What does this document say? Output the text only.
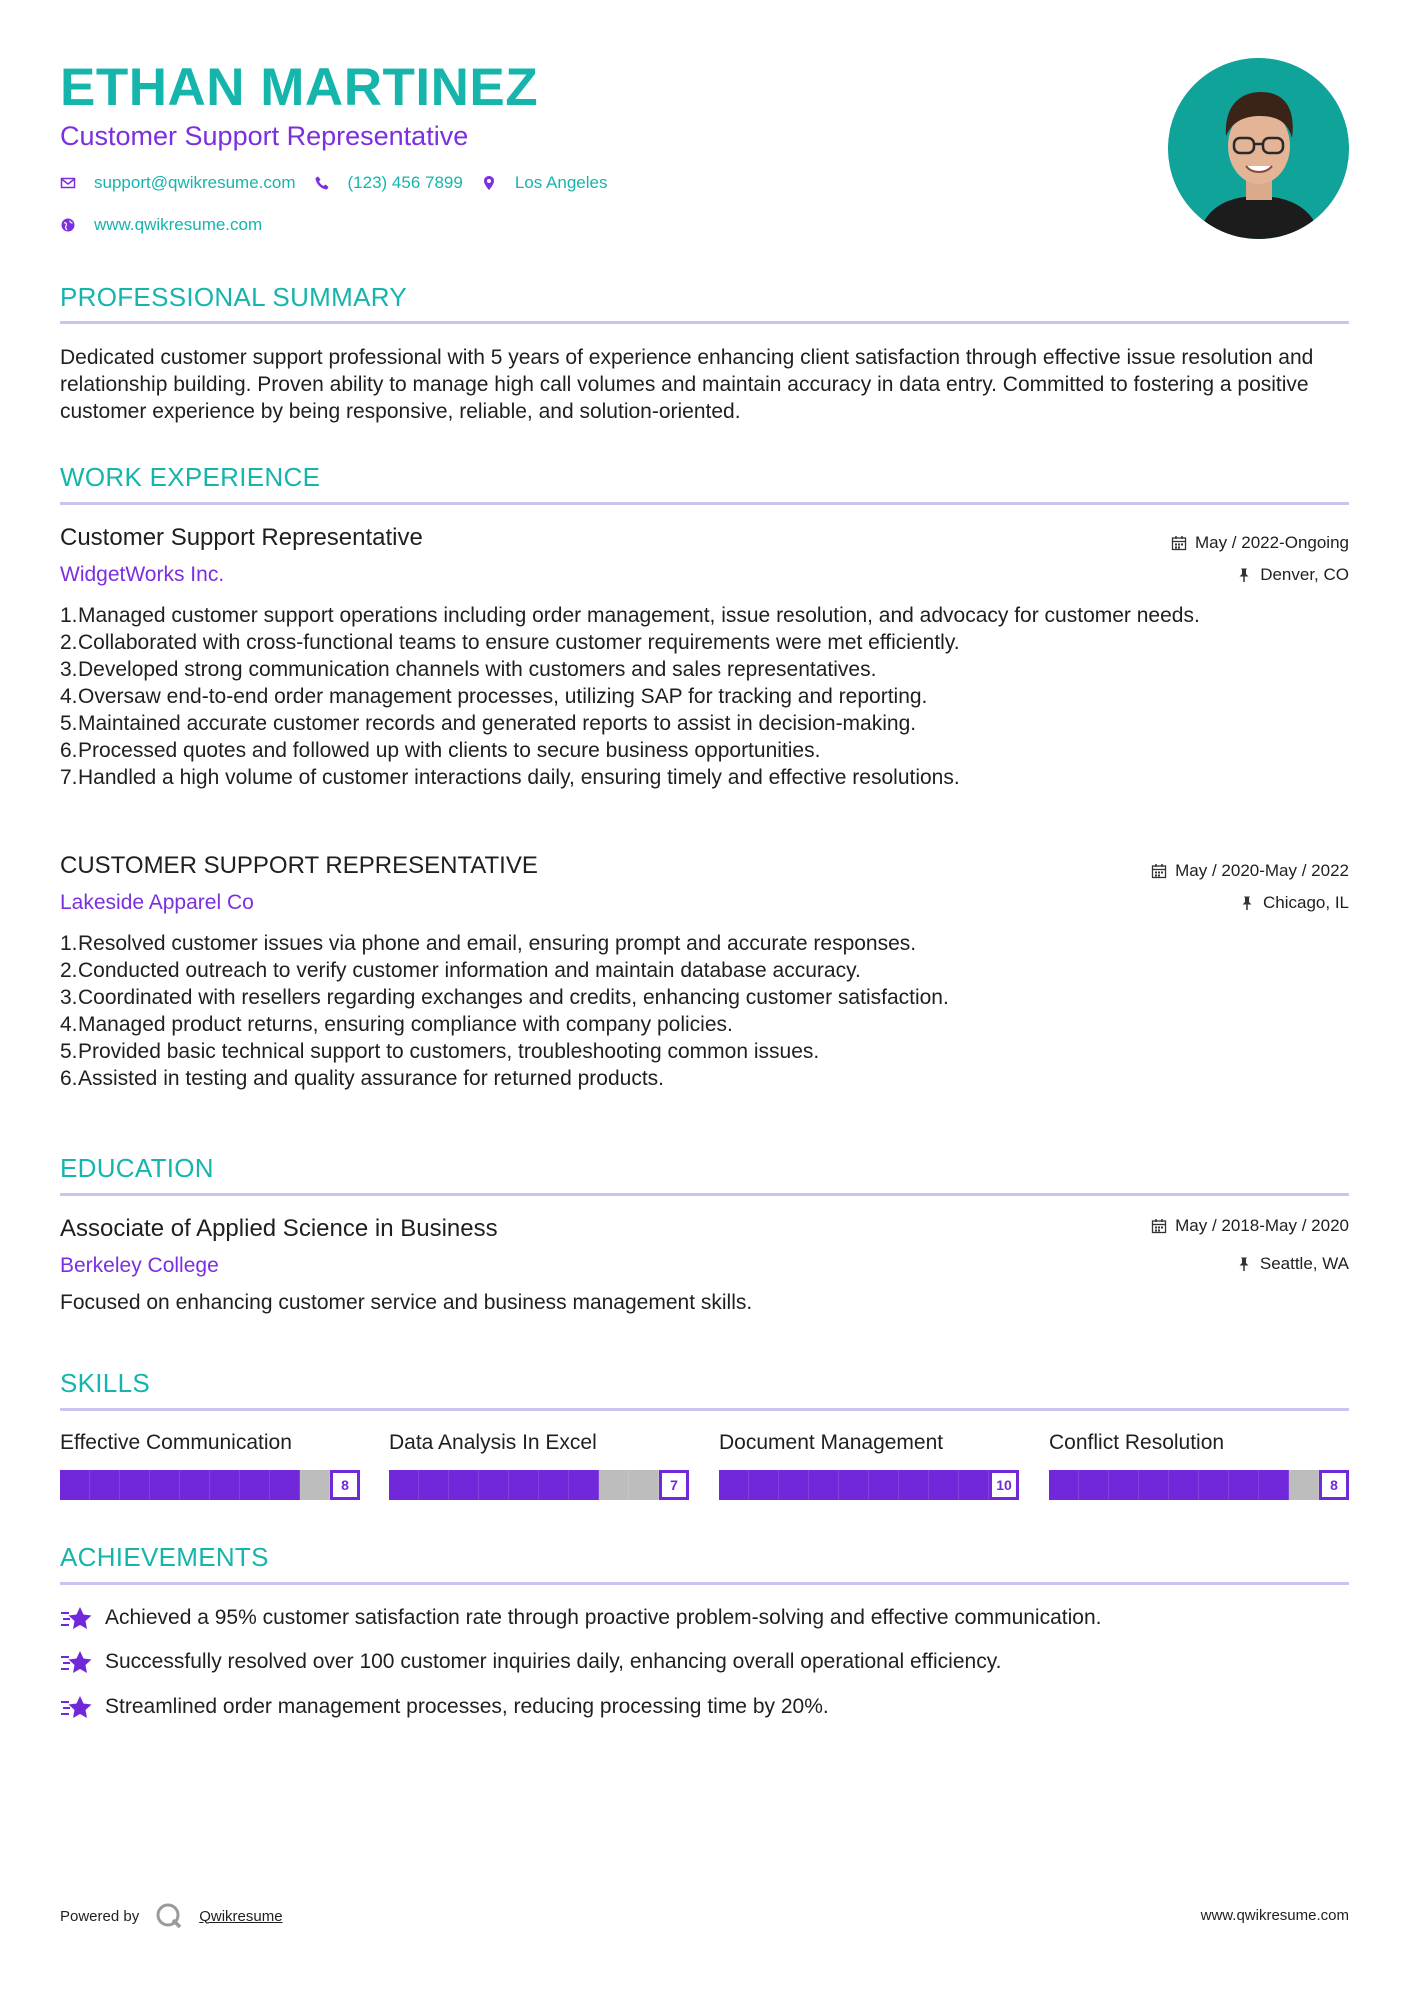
ETHAN MARTINEZ
Customer Support Representative
support@qwikresume.com	(123) 456 7899	Los Angeles
www.qwikresume.com
PROFESSIONAL SUMMARY
Dedicated customer support professional with 5 years of experience enhancing client satisfaction through effective issue resolution and relationship building. Proven ability to manage high call volumes and maintain accuracy in data entry. Committed to fostering a positive customer experience by being responsive, reliable, and solution-oriented.
WORK EXPERIENCE
Customer Support Representative
WidgetWorks Inc.
May / 2022-Ongoing
Denver, CO
1. Managed customer support operations including order management, issue resolution, and advocacy for customer needs.
2. Collaborated with cross-functional teams to ensure customer requirements were met efficiently.
3. Developed strong communication channels with customers and sales representatives.
4. Oversaw end-to-end order management processes, utilizing SAP for tracking and reporting.
5. Maintained accurate customer records and generated reports to assist in decision-making.
6. Processed quotes and followed up with clients to secure business opportunities.
7. Handled a high volume of customer interactions daily, ensuring timely and effective resolutions.
CUSTOMER SUPPORT REPRESENTATIVE
Lakeside Apparel Co
May / 2020-May / 2022
Chicago, IL
1. Resolved customer issues via phone and email, ensuring prompt and accurate responses.
2. Conducted outreach to verify customer information and maintain database accuracy.
3. Coordinated with resellers regarding exchanges and credits, enhancing customer satisfaction.
4. Managed product returns, ensuring compliance with company policies.
5. Provided basic technical support to customers, troubleshooting common issues.
6. Assisted in testing and quality assurance for returned products.
EDUCATION
Associate of Applied Science in Business
Berkeley College
May / 2018-May / 2020
Seattle, WA
Focused on enhancing customer service and business management skills.
SKILLS
Effective Communication
8
Data Analysis In Excel
7
Document Management
10
Conflict Resolution
8
ACHIEVEMENTS
Achieved a 95% customer satisfaction rate through proactive problem-solving and effective communication.
Successfully resolved over 100 customer inquiries daily, enhancing overall operational efficiency.
Streamlined order management processes, reducing processing time by 20%.
Powered by	Qwikresume	www.qwikresume.com
